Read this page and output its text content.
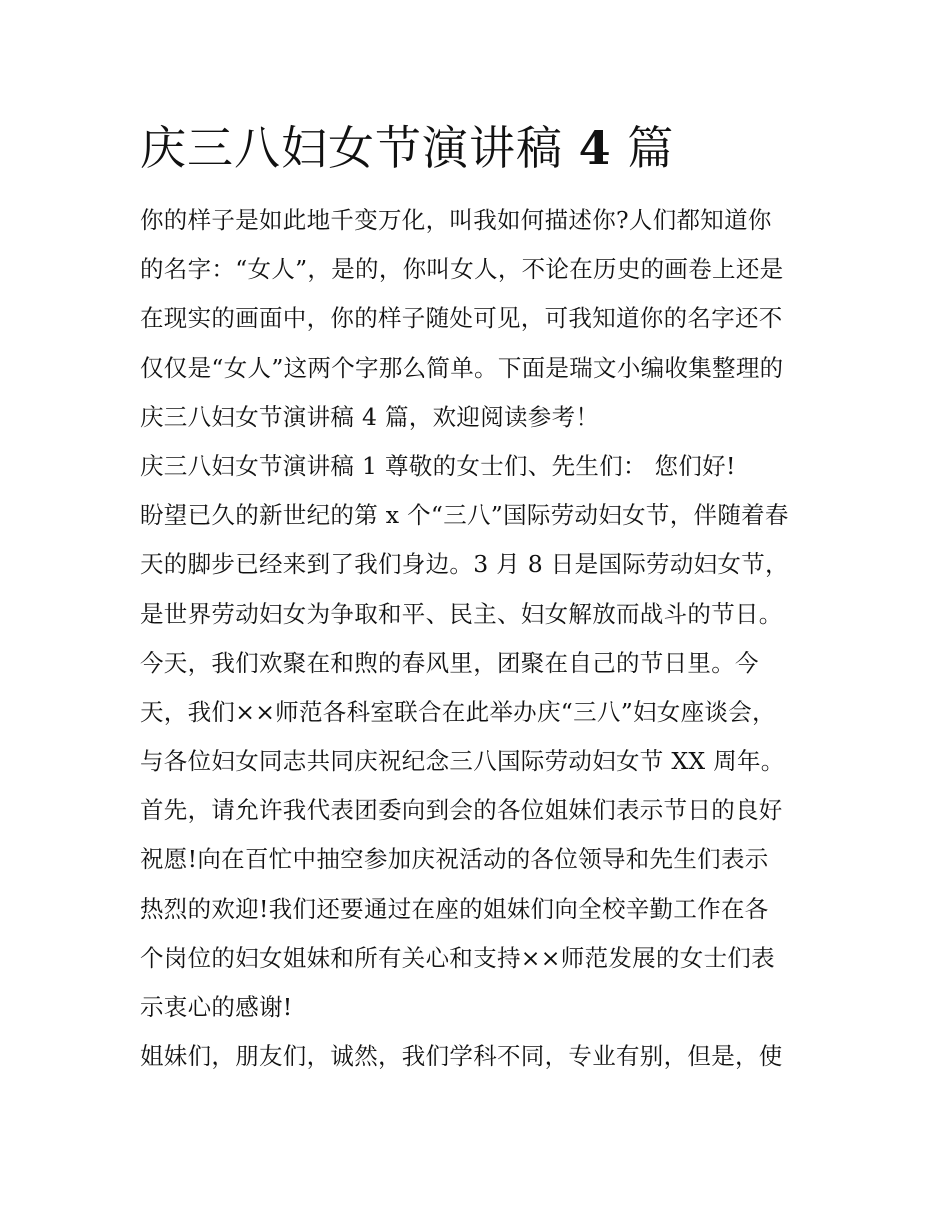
庆三八妇女节演讲稿 4 篇
你的样子是如此地千变万化，叫我如何描述你?人们都知道你
的名字：“女人”，是的，你叫女人，不论在历史的画卷上还是
在现实的画面中，你的样子随处可见，可我知道你的名字还不
仅仅是“女人”这两个字那么简单。下面是瑞文小编收集整理的
庆三八妇女节演讲稿 4 篇，欢迎阅读参考！
庆三八妇女节演讲稿 1 尊敬的女士们、先生们： 您们好!
盼望已久的新世纪的第 x 个“三八”国际劳动妇女节，伴随着春
天的脚步已经来到了我们身边。3 月 8 日是国际劳动妇女节，
是世界劳动妇女为争取和平、民主、妇女解放而战斗的节日。
今天，我们欢聚在和煦的春风里，团聚在自己的节日里。今
天，我们××师范各科室联合在此举办庆“三八”妇女座谈会，
与各位妇女同志共同庆祝纪念三八国际劳动妇女节 XX 周年。
首先，请允许我代表团委向到会的各位姐妹们表示节日的良好
祝愿!向在百忙中抽空参加庆祝活动的各位领导和先生们表示
热烈的欢迎!我们还要通过在座的姐妹们向全校辛勤工作在各
个岗位的妇女姐妹和所有关心和支持××师范发展的女士们表
示衷心的感谢!
姐妹们，朋友们，诚然，我们学科不同，专业有别，但是，使
